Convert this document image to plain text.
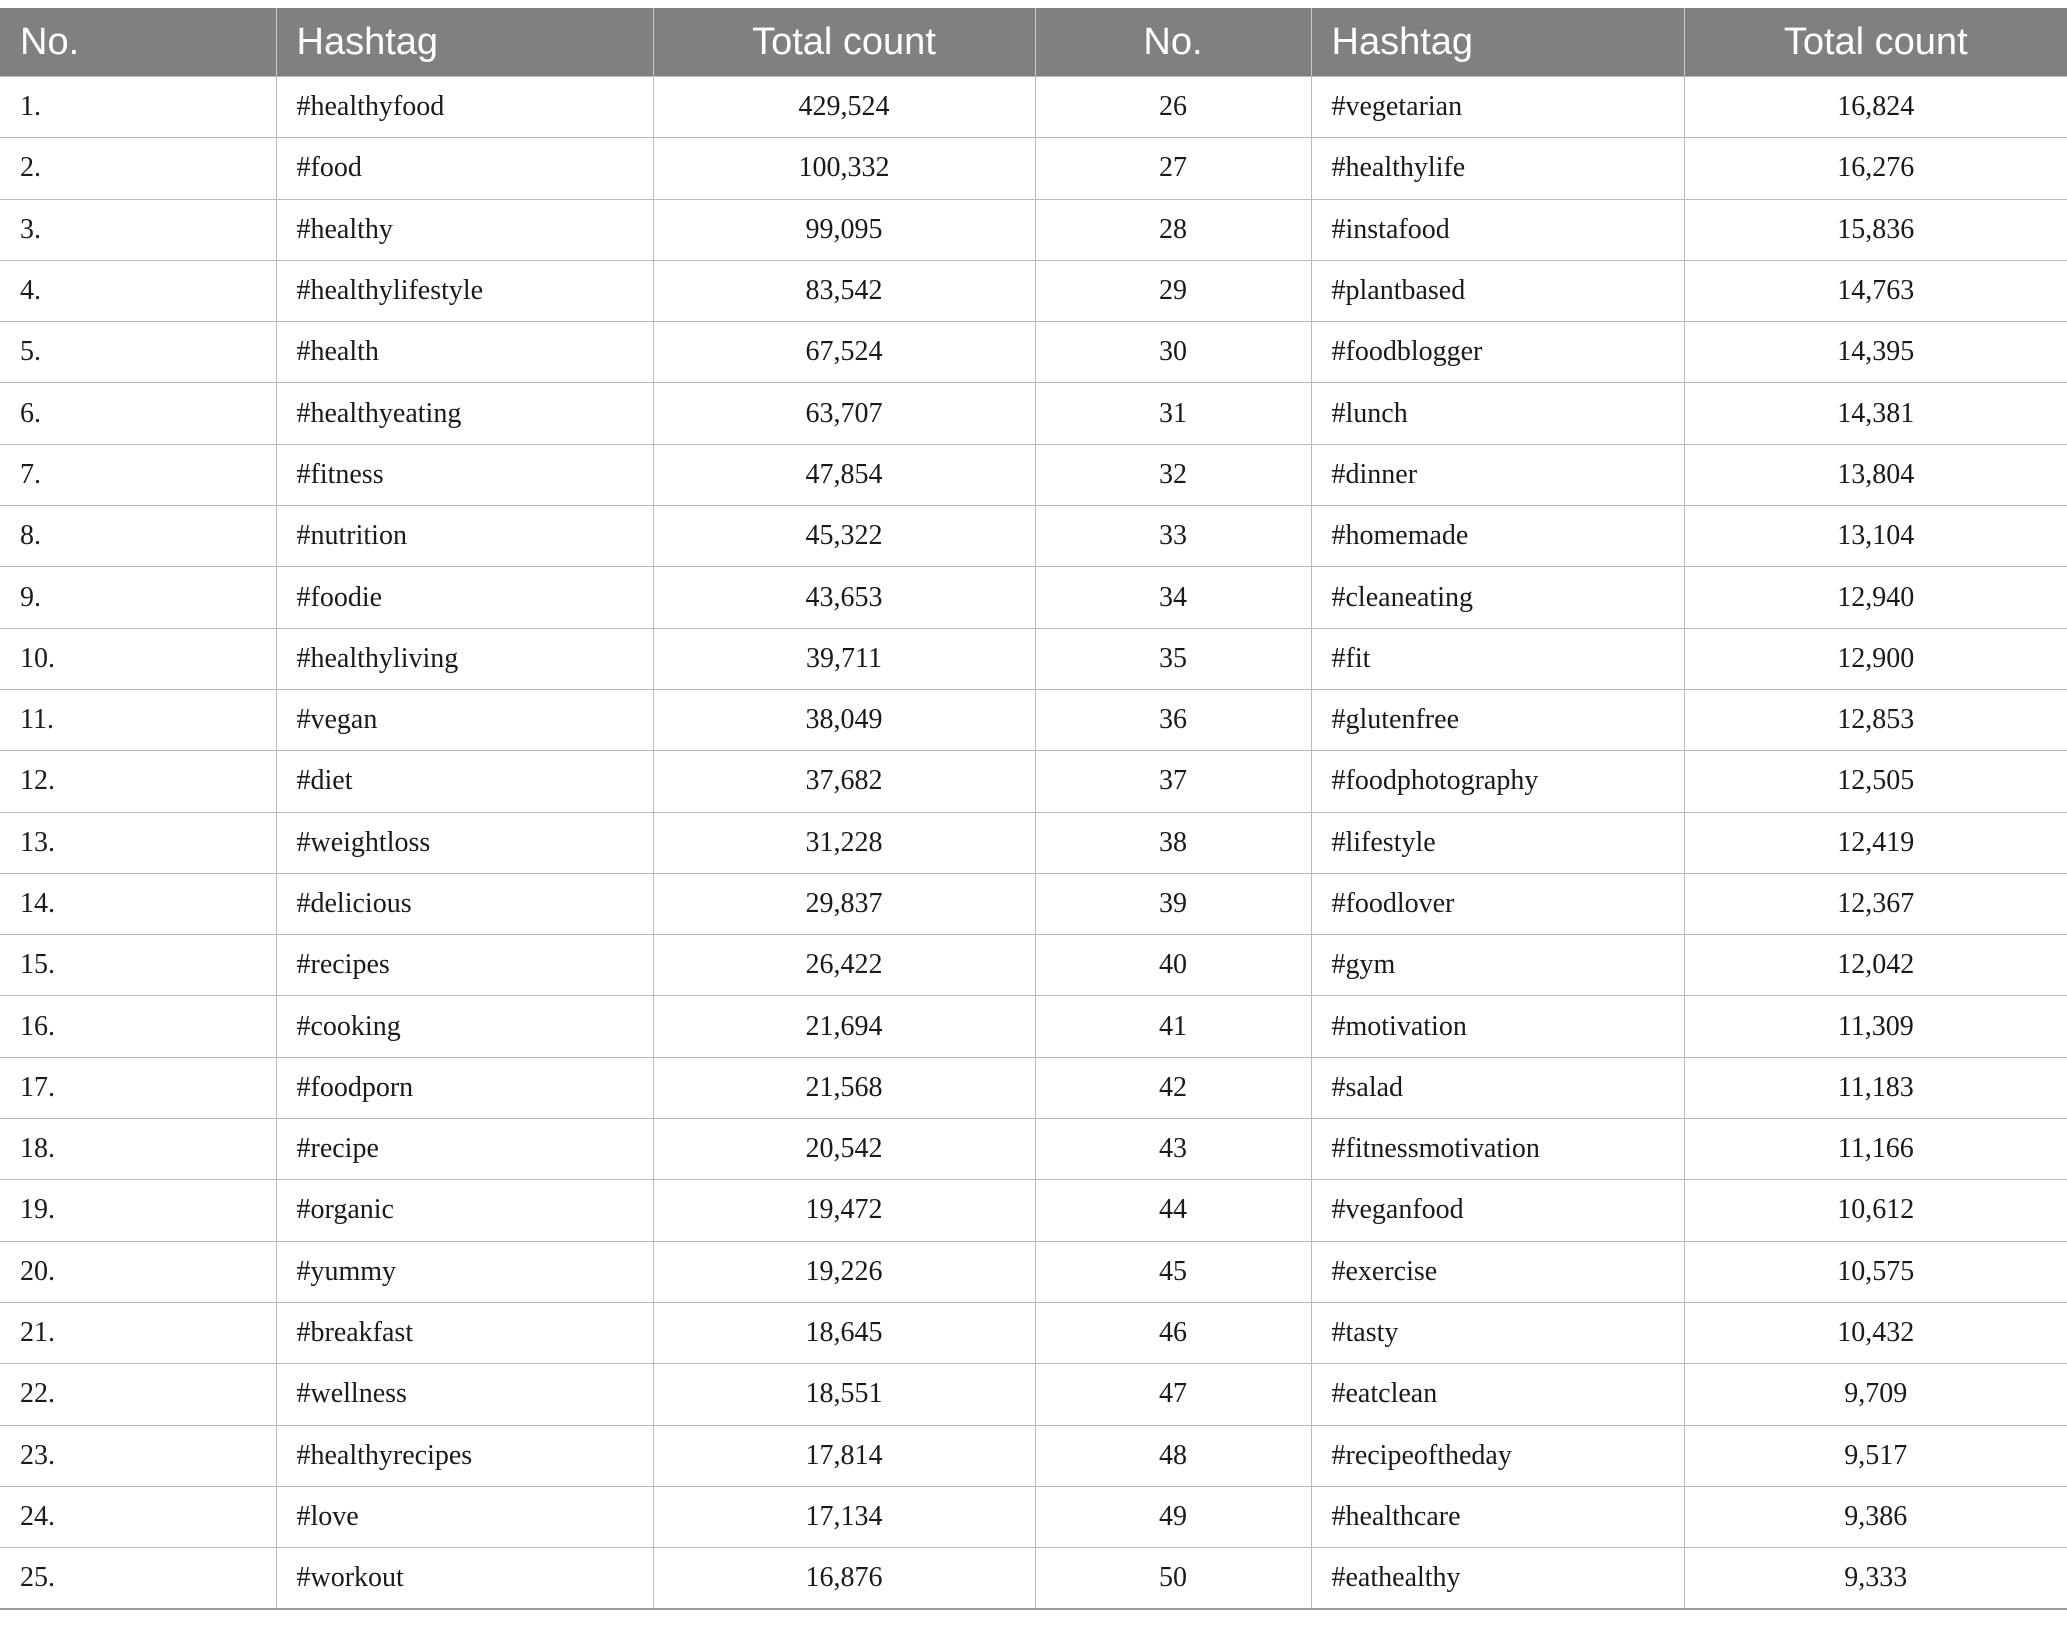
No.	Hashtag	Total count	No.	Hashtag	Total count
1.	#healthyfood	429,524	26	#vegetarian	16,824
2.	#food	100,332	27	#healthylife	16,276
3.	#healthy	99,095	28	#instafood	15,836
4.	#healthylifestyle	83,542	29	#plantbased	14,763
5.	#health	67,524	30	#foodblogger	14,395
6.	#healthyeating	63,707	31	#lunch	14,381
7.	#fitness	47,854	32	#dinner	13,804
8.	#nutrition	45,322	33	#homemade	13,104
9.	#foodie	43,653	34	#cleaneating	12,940
10.	#healthyliving	39,711	35	#fit	12,900
11.	#vegan	38,049	36	#glutenfree	12,853
12.	#diet	37,682	37	#foodphotography	12,505
13.	#weightloss	31,228	38	#lifestyle	12,419
14.	#delicious	29,837	39	#foodlover	12,367
15.	#recipes	26,422	40	#gym	12,042
16.	#cooking	21,694	41	#motivation	11,309
17.	#foodporn	21,568	42	#salad	11,183
18.	#recipe	20,542	43	#fitnessmotivation	11,166
19.	#organic	19,472	44	#veganfood	10,612
20.	#yummy	19,226	45	#exercise	10,575
21.	#breakfast	18,645	46	#tasty	10,432
22.	#wellness	18,551	47	#eatclean	9,709
23.	#healthyrecipes	17,814	48	#recipeoftheday	9,517
24.	#love	17,134	49	#healthcare	9,386
25.	#workout	16,876	50	#eathealthy	9,333
